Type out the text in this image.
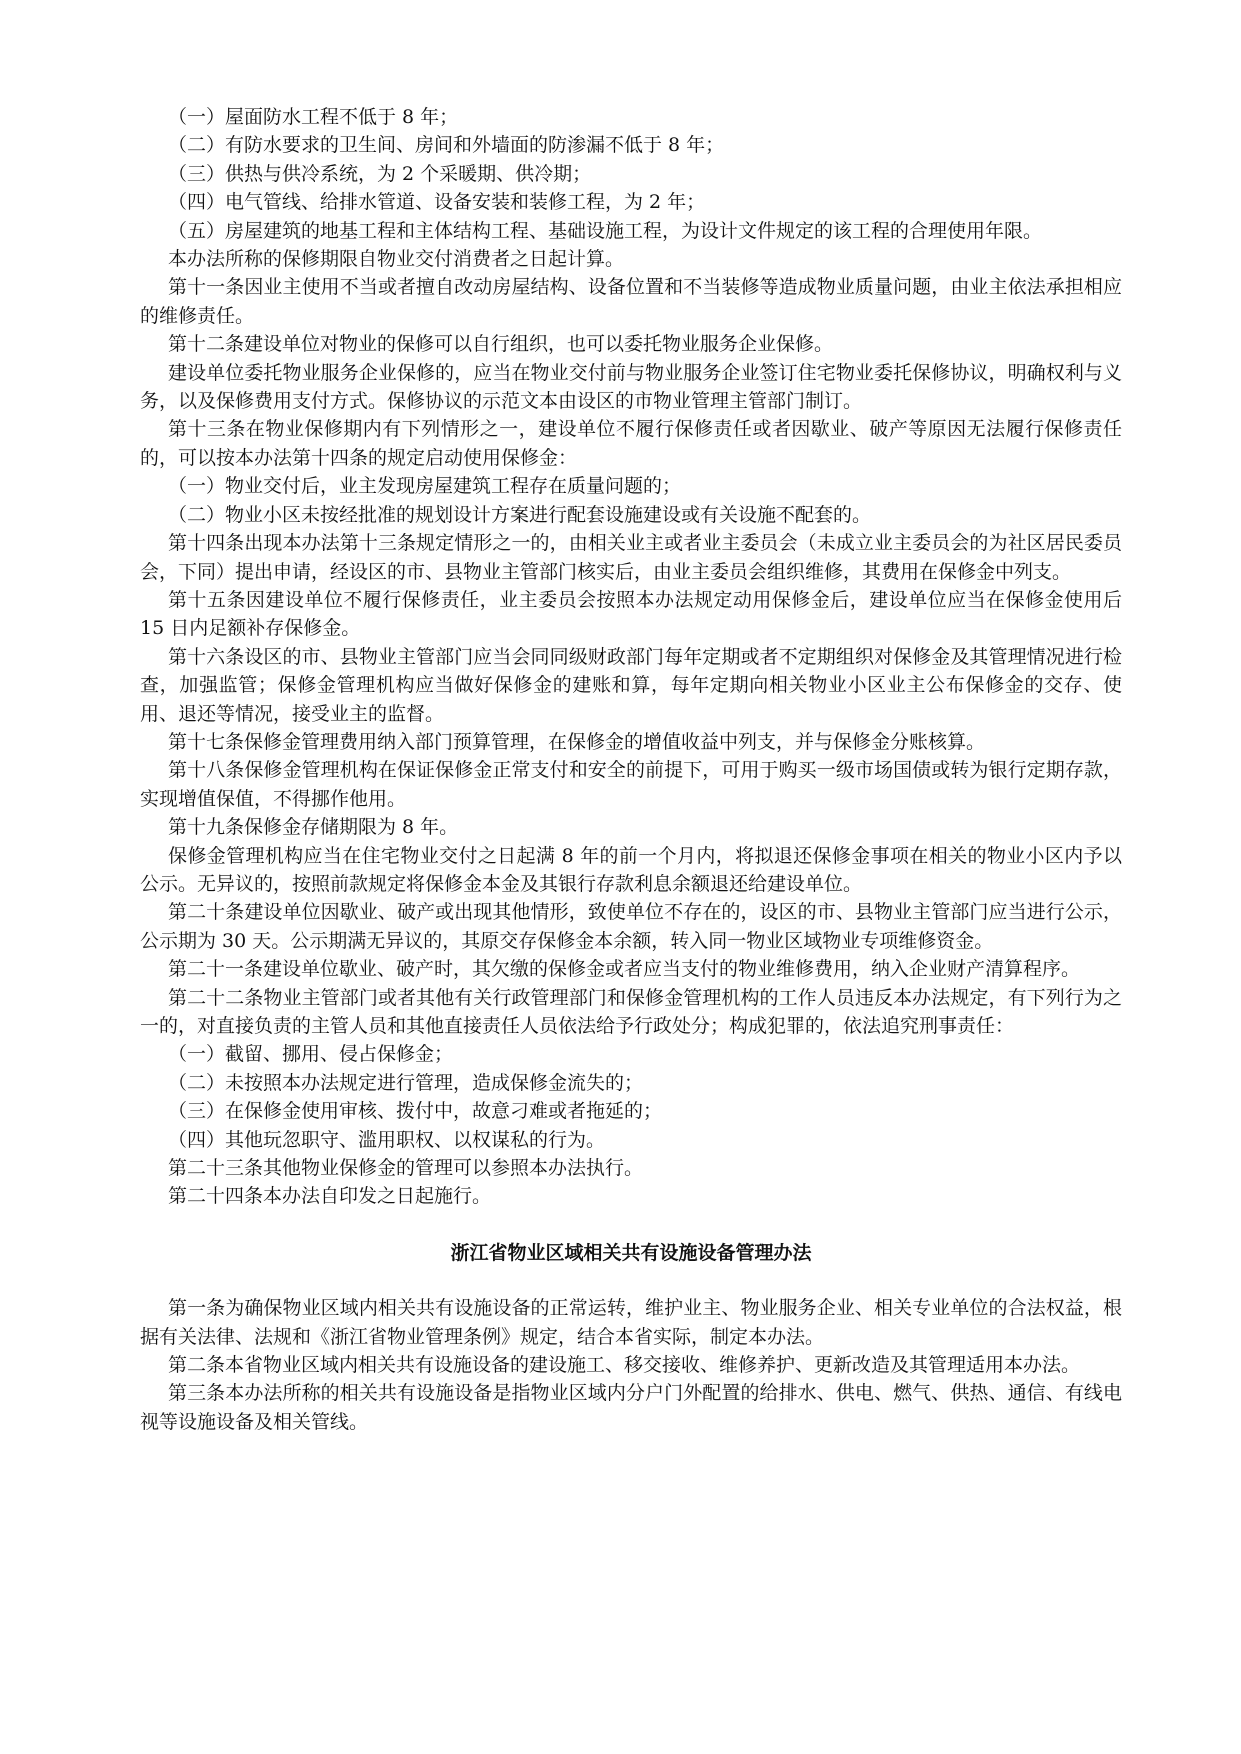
（一）屋面防水工程不低于 8 年；

（二）有防水要求的卫生间、房间和外墙面的防渗漏不低于 8 年；

（三）供热与供冷系统，为 2 个采暖期、供冷期；

（四）电气管线、给排水管道、设备安装和装修工程，为 2 年；

（五）房屋建筑的地基工程和主体结构工程、基础设施工程，为设计文件规定的该工程的合理使用年限。

本办法所称的保修期限自物业交付消费者之日起计算。

第十一条因业主使用不当或者擅自改动房屋结构、设备位置和不当装修等造成物业质量问题，由业主依法承担相应的维修责任。

第十二条建设单位对物业的保修可以自行组织，也可以委托物业服务企业保修。

建设单位委托物业服务企业保修的，应当在物业交付前与物业服务企业签订住宅物业委托保修协议，明确权利与义务，以及保修费用支付方式。保修协议的示范文本由设区的市物业管理主管部门制订。

第十三条在物业保修期内有下列情形之一，建设单位不履行保修责任或者因歇业、破产等原因无法履行保修责任的，可以按本办法第十四条的规定启动使用保修金：

（一）物业交付后，业主发现房屋建筑工程存在质量问题的；

（二）物业小区未按经批准的规划设计方案进行配套设施建设或有关设施不配套的。

第十四条出现本办法第十三条规定情形之一的，由相关业主或者业主委员会（未成立业主委员会的为社区居民委员会，下同）提出申请，经设区的市、县物业主管部门核实后，由业主委员会组织维修，其费用在保修金中列支。

第十五条因建设单位不履行保修责任，业主委员会按照本办法规定动用保修金后，建设单位应当在保修金使用后 15 日内足额补存保修金。

第十六条设区的市、县物业主管部门应当会同同级财政部门每年定期或者不定期组织对保修金及其管理情况进行检查，加强监管；保修金管理机构应当做好保修金的建账和算，每年定期向相关物业小区业主公布保修金的交存、使用、退还等情况，接受业主的监督。

第十七条保修金管理费用纳入部门预算管理，在保修金的增值收益中列支，并与保修金分账核算。

第十八条保修金管理机构在保证保修金正常支付和安全的前提下，可用于购买一级市场国债或转为银行定期存款，实现增值保值，不得挪作他用。

第十九条保修金存储期限为 8 年。

保修金管理机构应当在住宅物业交付之日起满 8 年的前一个月内，将拟退还保修金事项在相关的物业小区内予以公示。无异议的，按照前款规定将保修金本金及其银行存款利息余额退还给建设单位。

第二十条建设单位因歇业、破产或出现其他情形，致使单位不存在的，设区的市、县物业主管部门应当进行公示，公示期为 30 天。公示期满无异议的，其原交存保修金本余额，转入同一物业区域物业专项维修资金。

第二十一条建设单位歇业、破产时，其欠缴的保修金或者应当支付的物业维修费用，纳入企业财产清算程序。

第二十二条物业主管部门或者其他有关行政管理部门和保修金管理机构的工作人员违反本办法规定，有下列行为之一的，对直接负责的主管人员和其他直接责任人员依法给予行政处分；构成犯罪的，依法追究刑事责任：

（一）截留、挪用、侵占保修金；

（二）未按照本办法规定进行管理，造成保修金流失的；

（三）在保修金使用审核、拨付中，故意刁难或者拖延的；

（四）其他玩忽职守、滥用职权、以权谋私的行为。

第二十三条其他物业保修金的管理可以参照本办法执行。

第二十四条本办法自印发之日起施行。

浙江省物业区域相关共有设施设备管理办法

第一条为确保物业区域内相关共有设施设备的正常运转，维护业主、物业服务企业、相关专业单位的合法权益，根据有关法律、法规和《浙江省物业管理条例》规定，结合本省实际，制定本办法。

第二条本省物业区域内相关共有设施设备的建设施工、移交接收、维修养护、更新改造及其管理适用本办法。

第三条本办法所称的相关共有设施设备是指物业区域内分户门外配置的给排水、供电、燃气、供热、通信、有线电视等设施设备及相关管线。
